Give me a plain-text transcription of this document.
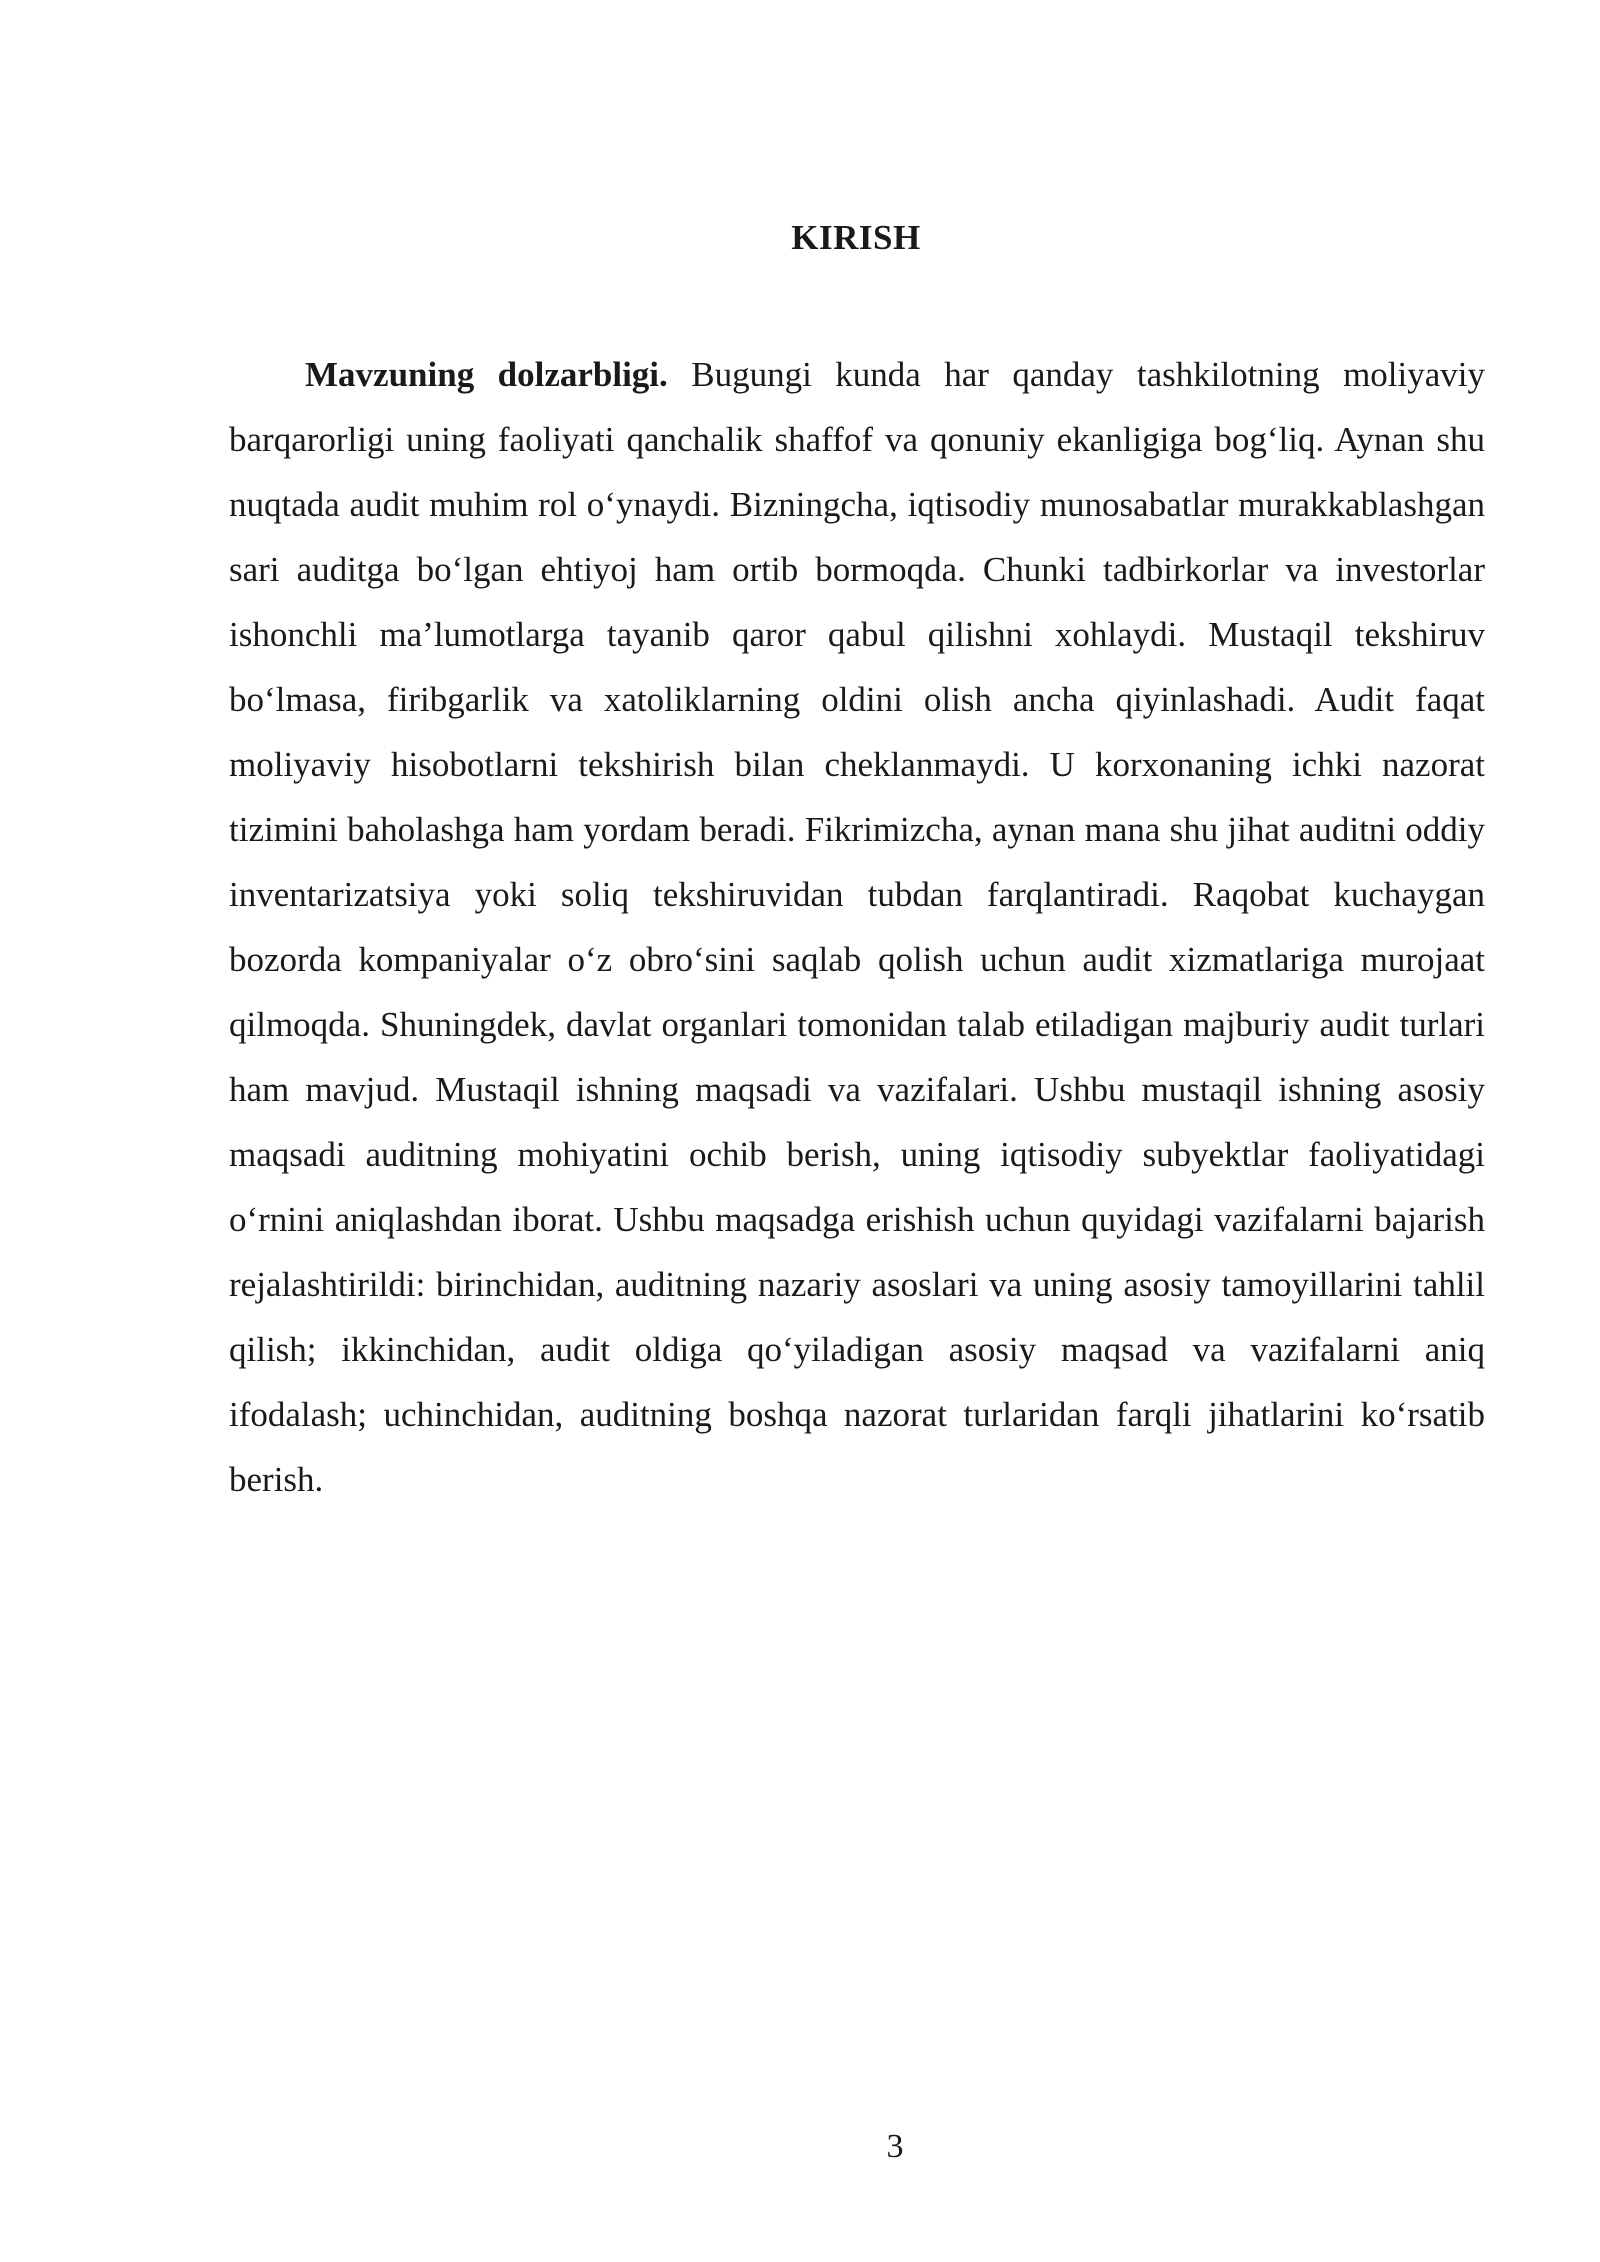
KIRISH

Mavzuning dolzarbligi. Bugungi kunda har qanday tashkilotning moliyaviy barqarorligi uning faoliyati qanchalik shaffof va qonuniy ekanligiga bog‘liq. Aynan shu nuqtada audit muhim rol o‘ynaydi. Bizningcha, iqtisodiy munosabatlar murakkablashgan sari auditga bo‘lgan ehtiyoj ham ortib bormoqda. Chunki tadbirkorlar va investorlar ishonchli ma’lumotlarga tayanib qaror qabul qilishni xohlaydi. Mustaqil tekshiruv bo‘lmasa, firibgarlik va xatoliklarning oldini olish ancha qiyinlashadi. Audit faqat moliyaviy hisobotlarni tekshirish bilan cheklanmaydi. U korxonaning ichki nazorat tizimini baholashga ham yordam beradi. Fikrimizcha, aynan mana shu jihat auditni oddiy inventarizatsiya yoki soliq tekshiruvidan tubdan farqlantiradi. Raqobat kuchaygan bozorda kompaniyalar o‘z obro‘sini saqlab qolish uchun audit xizmatlariga murojaat qilmoqda. Shuningdek, davlat organlari tomonidan talab etiladigan majburiy audit turlari ham mavjud. Mustaqil ishning maqsadi va vazifalari. Ushbu mustaqil ishning asosiy maqsadi auditning mohiyatini ochib berish, uning iqtisodiy subyektlar faoliyatidagi o‘rnini aniqlashdan iborat. Ushbu maqsadga erishish uchun quyidagi vazifalarni bajarish rejalashtirildi: birinchidan, auditning nazariy asoslari va uning asosiy tamoyillarini tahlil qilish; ikkinchidan, audit oldiga qo‘yiladigan asosiy maqsad va vazifalarni aniq ifodalash; uchinchidan, auditning boshqa nazorat turlaridan farqli jihatlarini ko‘rsatib berish.

3
